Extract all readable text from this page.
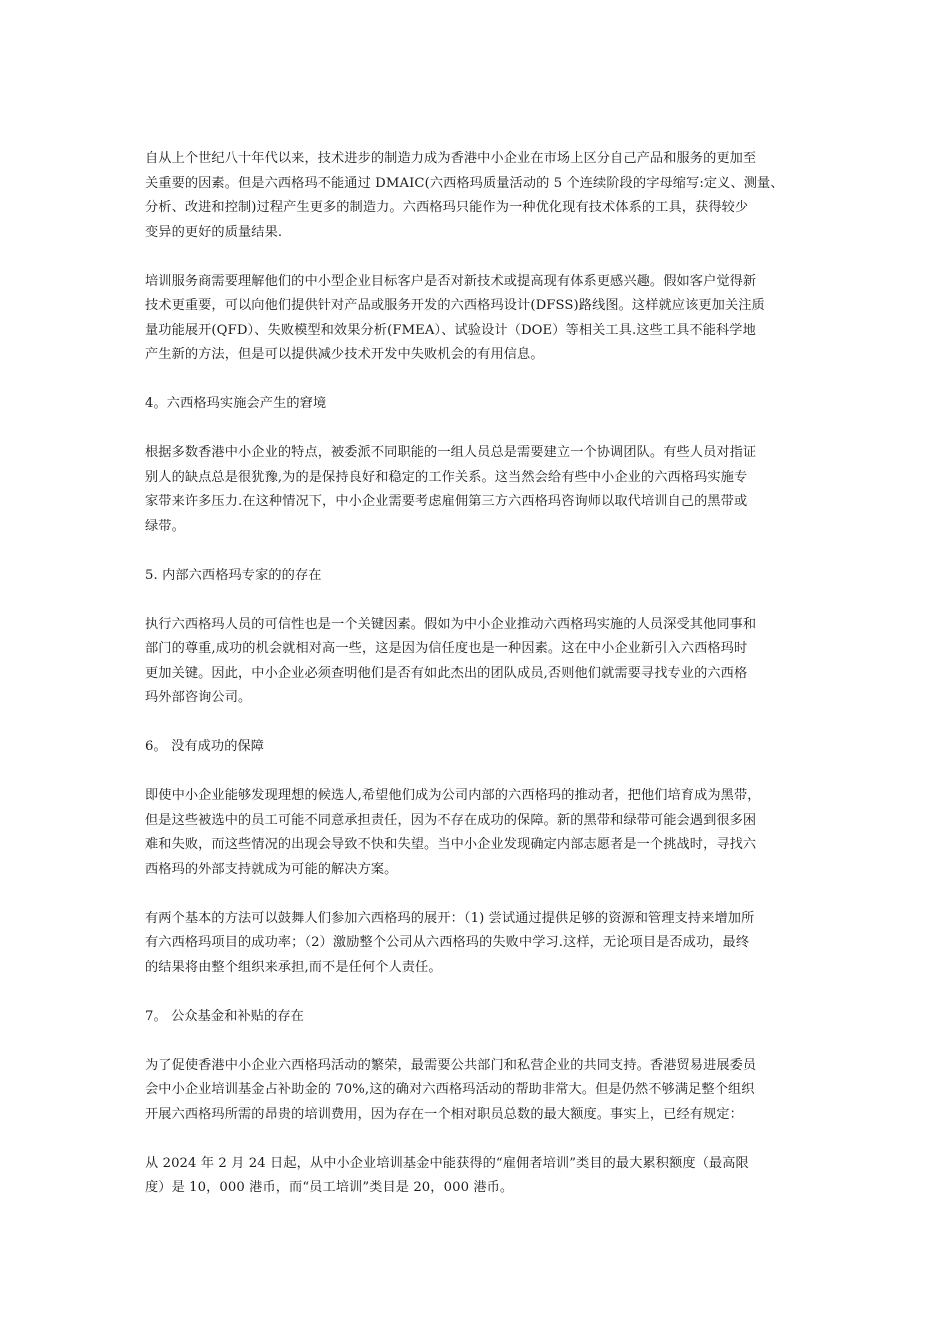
自从上个世纪八十年代以来，技术进步的制造力成为香港中小企业在市场上区分自己产品和服务的更加至
关重要的因素。但是六西格玛不能通过 DMAIC(六西格玛质量活动的 5 个连续阶段的字母缩写:定义、测量、
分析、改进和控制)过程产生更多的制造力。六西格玛只能作为一种优化现有技术体系的工具，获得较少
变异的更好的质量结果.
培训服务商需要理解他们的中小型企业目标客户是否对新技术或提高现有体系更感兴趣。假如客户觉得新
技术更重要，可以向他们提供针对产品或服务开发的六西格玛设计(DFSS)路线图。这样就应该更加关注质
量功能展开(QFD）、失败模型和效果分析(FMEA）、试验设计（DOE）等相关工具.这些工具不能科学地
产生新的方法，但是可以提供减少技术开发中失败机会的有用信息。
4。六西格玛实施会产生的窘境
根据多数香港中小企业的特点，被委派不同职能的一组人员总是需要建立一个协调团队。有些人员对指证
别人的缺点总是很犹豫,为的是保持良好和稳定的工作关系。这当然会给有些中小企业的六西格玛实施专
家带来许多压力.在这种情况下，中小企业需要考虑雇佣第三方六西格玛咨询师以取代培训自己的黑带或
绿带。
5. 内部六西格玛专家的的存在
执行六西格玛人员的可信性也是一个关键因素。假如为中小企业推动六西格玛实施的人员深受其他同事和
部门的尊重,成功的机会就相对高一些，这是因为信任度也是一种因素。这在中小企业新引入六西格玛时
更加关键。因此，中小企业必须查明他们是否有如此杰出的团队成员,否则他们就需要寻找专业的六西格
玛外部咨询公司。
6。 没有成功的保障
即使中小企业能够发现理想的候选人,希望他们成为公司内部的六西格玛的推动者，把他们培育成为黑带，
但是这些被选中的员工可能不同意承担责任，因为不存在成功的保障。新的黑带和绿带可能会遇到很多困
难和失败，而这些情况的出现会导致不快和失望。当中小企业发现确定内部志愿者是一个挑战时，寻找六
西格玛的外部支持就成为可能的解决方案。
有两个基本的方法可以鼓舞人们参加六西格玛的展开：（1) 尝试通过提供足够的资源和管理支持来增加所
有六西格玛项目的成功率；（2）激励整个公司从六西格玛的失败中学习.这样，无论项目是否成功，最终
的结果将由整个组织来承担,而不是任何个人责任。
7。 公众基金和补贴的存在
为了促使香港中小企业六西格玛活动的繁荣，最需要公共部门和私营企业的共同支持。香港贸易进展委员
会中小企业培训基金占补助金的 70%,这的确对六西格玛活动的帮助非常大。但是仍然不够满足整个组织
开展六西格玛所需的昂贵的培训费用，因为存在一个相对职员总数的最大额度。事实上，已经有规定：
从 2024 年 2 月 24 日起，从中小企业培训基金中能获得的“雇佣者培训”类目的最大累积额度（最高限
度）是 10，000 港币，而“员工培训”类目是 20，000 港币。
